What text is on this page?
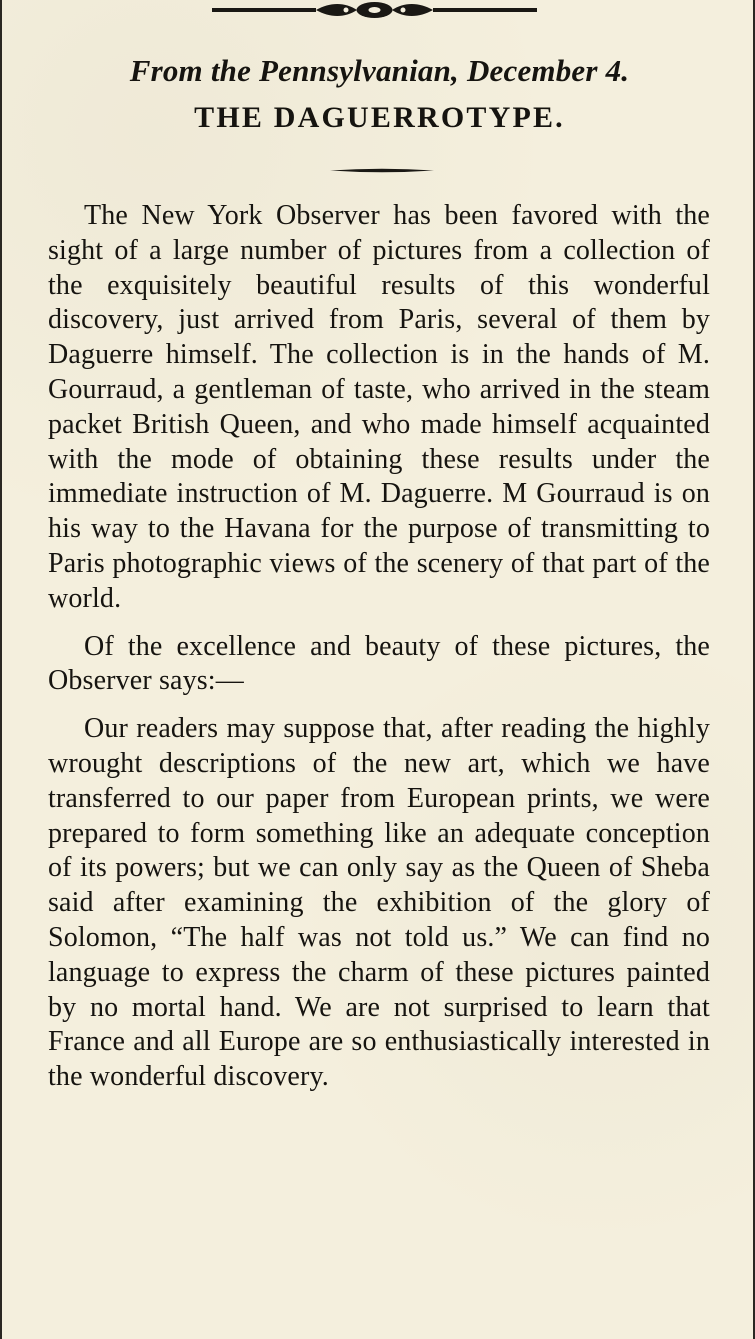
From the Pennsylvanian, December 4.
THE DAGUERROTYPE.

The New York Observer has been favored with the sight of a large number of pictures from a collection of the exquisitely beautiful results of this wonderful discovery, just arrived from Paris, several of them by Daguerre himself. The collection is in the hands of M. Gourraud, a gentleman of taste, who arrived in the steam packet British Queen, and who made himself acquainted with the mode of obtaining these results under the immediate instruction of M. Daguerre. M Gourraud is on his way to the Havana for the purpose of transmitting to Paris photographic views of the scenery of that part of the world.

Of the excellence and beauty of these pictures, the Observer says:—

Our readers may suppose that, after reading the highly wrought descriptions of the new art, which we have transferred to our paper from European prints, we were prepared to form something like an adequate conception of its powers; but we can only say as the Queen of Sheba said after examining the exhibition of the glory of Solomon, “The half was not told us.” We can find no language to express the charm of these pictures painted by no mortal hand. We are not surprised to learn that France and all Europe are so enthusiastically interested in the wonderful discovery.
